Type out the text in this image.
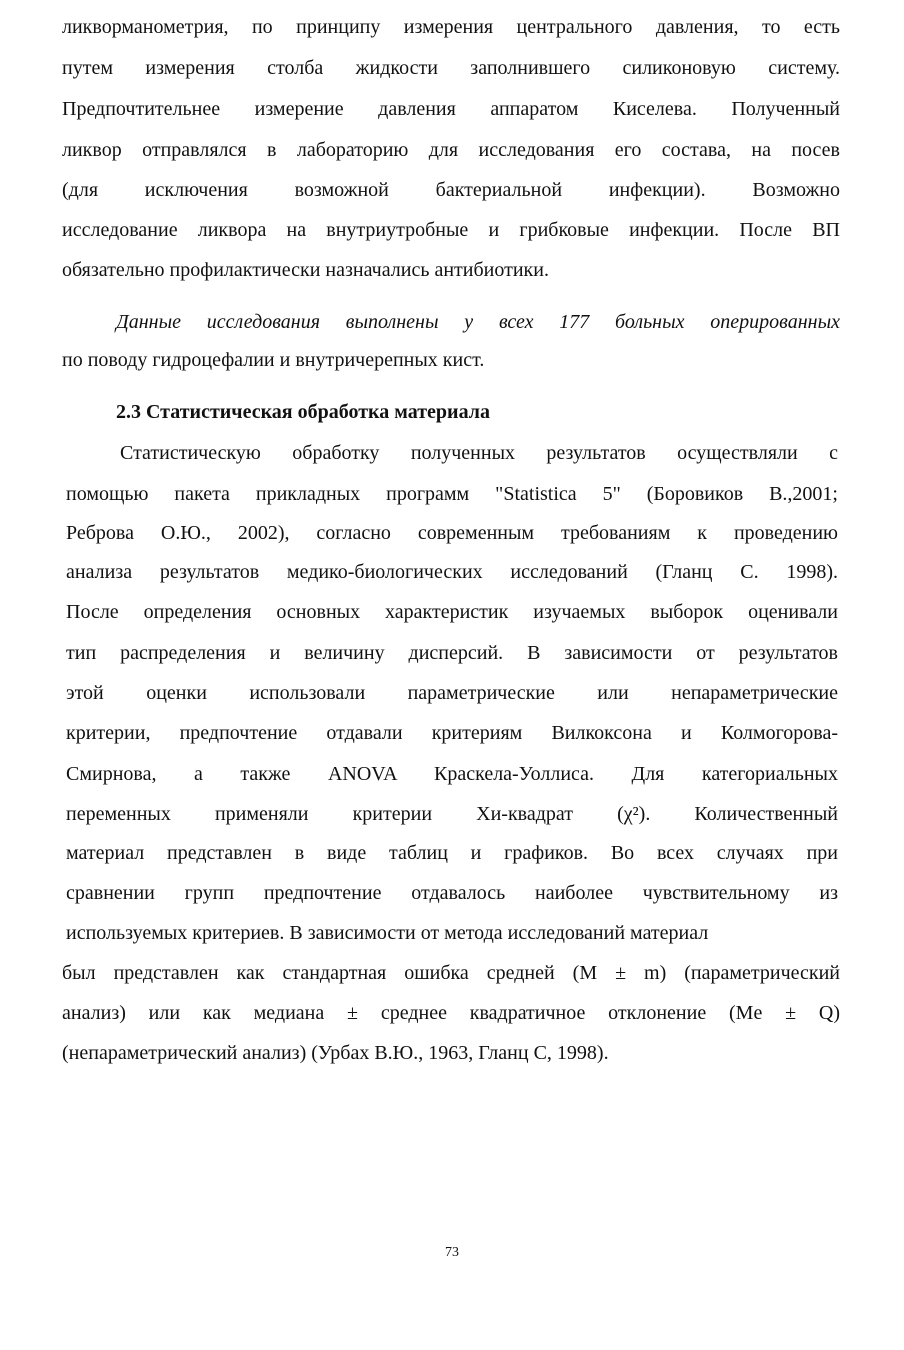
ликворманометрия, по принципу измерения центрального давления, то есть
путем измерения столба жидкости заполнившего силиконовую систему.
Предпочтительнее измерение давления аппаратом Киселева. Полученный
ликвор отправлялся в лабораторию для исследования его состава, на посев
(для исключения возможной бактериальной инфекции). Возможно
исследование ликвора на внутриутробные и грибковые инфекции. После ВП
обязательно профилактически назначались антибиотики.
Данные исследования выполнены у всех 177 больных оперированных
по поводу гидроцефалии и внутричерепных кист.
2.3 Статистическая обработка материала
Статистическую обработку полученных результатов осуществляли с
помощью пакета прикладных программ "Statistica 5" (Боровиков В.,2001;
Реброва О.Ю., 2002), согласно современным требованиям к проведению
анализа результатов медико-биологических исследований (Гланц С. 1998).
После определения основных характеристик изучаемых выборок оценивали
тип распределения и величину дисперсий. В зависимости от результатов
этой оценки использовали параметрические или непараметрические
критерии, предпочтение отдавали критериям Вилкоксона и Колмогорова-
Смирнова, а также ANOVA Краскела-Уоллиса. Для категориальных
переменных применяли критерии Хи-квадрат (χ²). Количественный
материал представлен в виде таблиц и графиков. Во всех случаях при
сравнении групп предпочтение отдавалось наиболее чувствительному из
используемых критериев. В зависимости от метода исследований материал
был представлен как стандартная ошибка средней (M ± m) (параметрический
анализ) или как медиана ± среднее квадратичное отклонение (Me ± Q)
(непараметрический анализ) (Урбах В.Ю., 1963, Гланц С, 1998).
73
